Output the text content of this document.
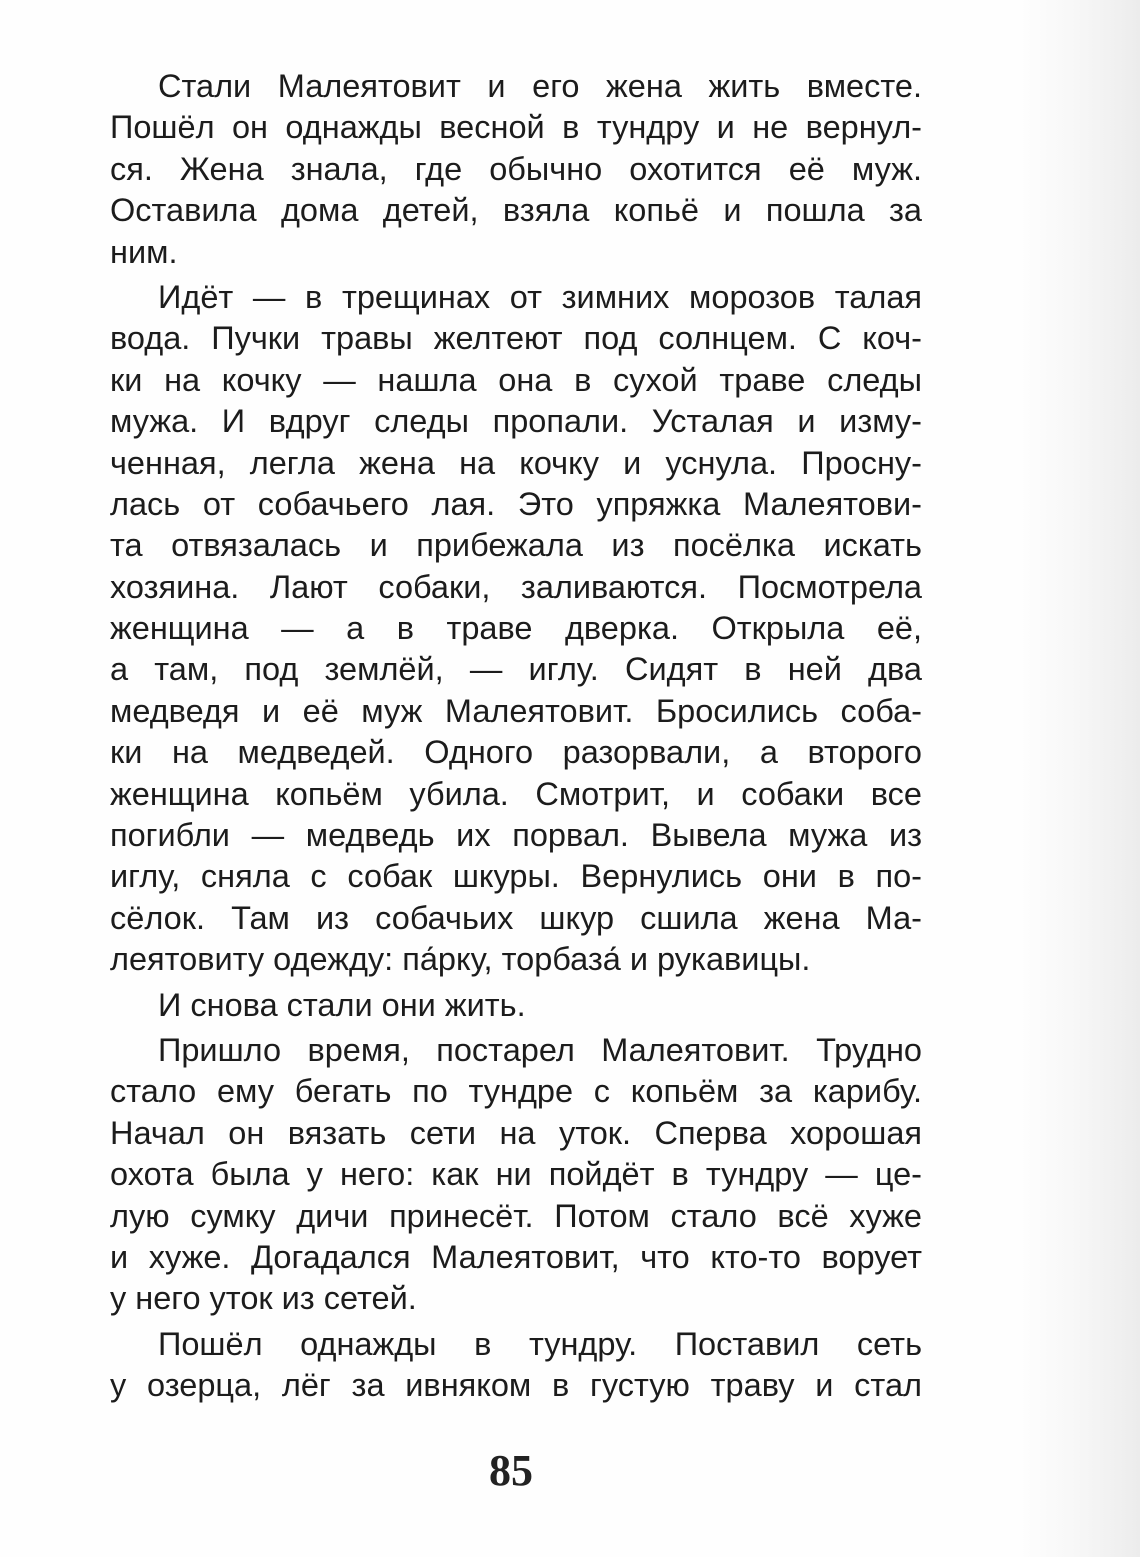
Стали Малеятовит и его жена жить вместе.
Пошёл он однажды весной в тундру и не вернул-
ся. Жена знала, где обычно охотится её муж.
Оставила дома детей, взяла копьё и пошла за
ним.
Идёт — в трещинах от зимних морозов талая
вода. Пучки травы желтеют под солнцем. С коч-
ки на кочку — нашла она в сухой траве следы
мужа. И вдруг следы пропали. Усталая и изму-
ченная, легла жена на кочку и уснула. Просну-
лась от собачьего лая. Это упряжка Малеятови-
та отвязалась и прибежала из посёлка искать
хозяина. Лают собаки, заливаются. Посмотрела
женщина — а в траве дверка. Открыла её,
а там, под землёй, — иглу. Сидят в ней два
медведя и её муж Малеятовит. Бросились соба-
ки на медведей. Одного разорвали, а второго
женщина копьём убила. Смотрит, и собаки все
погибли — медведь их порвал. Вывела мужа из
иглу, сняла с собак шкуры. Вернулись они в по-
сёлок. Там из собачьих шкур сшила жена Ма-
леятовиту одежду: па́рку, торбаза́ и рукавицы.
И снова стали они жить.
Пришло время, постарел Малеятовит. Трудно
стало ему бегать по тундре с копьём за карибу.
Начал он вязать сети на уток. Сперва хорошая
охота была у него: как ни пойдёт в тундру — це-
лую сумку дичи принесёт. Потом стало всё хуже
и хуже. Догадался Малеятовит, что кто-то ворует
у него уток из сетей.
Пошёл однажды в тундру. Поставил сеть
у озерца, лёг за ивняком в густую траву и стал
85
